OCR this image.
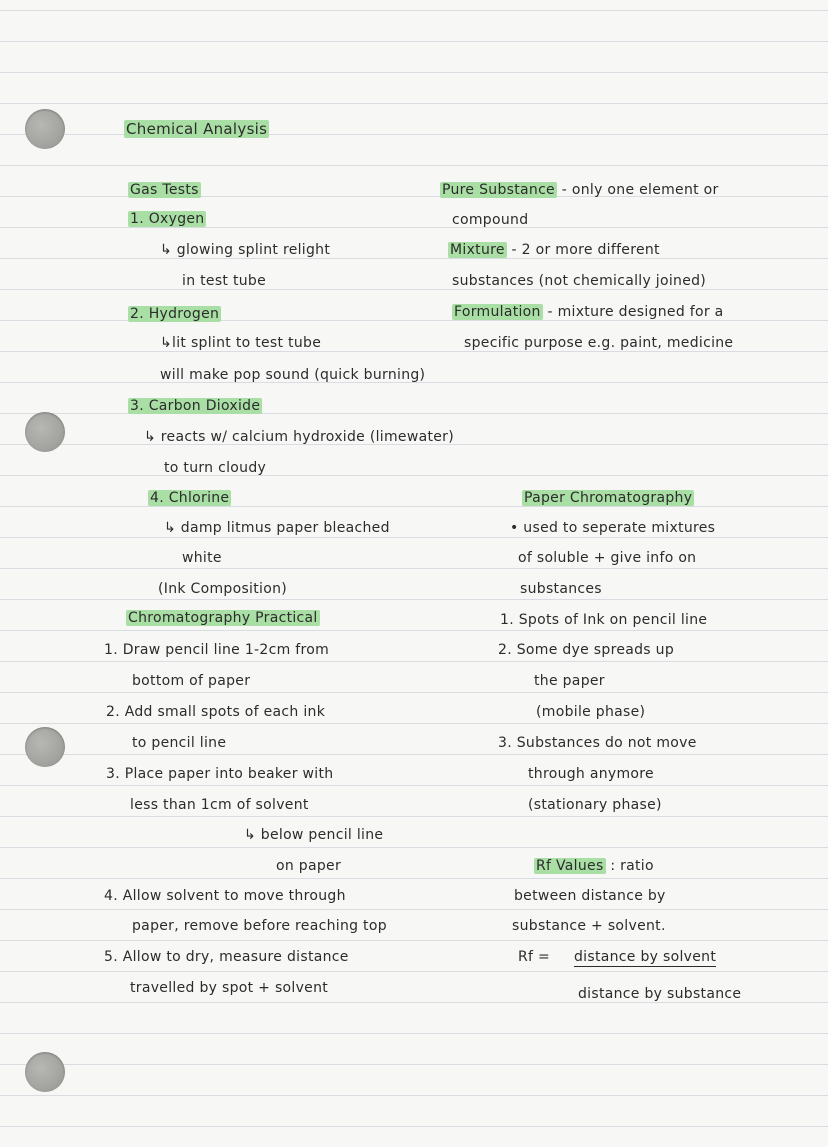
Chemical Analysis
Gas Tests
1. Oxygen
↳ glowing splint relight
in test tube
2. Hydrogen
↳lit splint to test tube
will make pop sound (quick burning)
3. Carbon Dioxide
↳ reacts w/ calcium hydroxide (limewater)
to turn cloudy
4. Chlorine
↳ damp litmus paper bleached
white
Pure Substance - only one element or
compound
Mixture - 2 or more different
substances (not chemically joined)
Formulation - mixture designed for a
specific purpose e.g. paint, medicine
(Ink Composition)
Chromatography Practical
1. Draw pencil line 1-2cm from
bottom of paper
2. Add small spots of each ink
to pencil line
3. Place paper into beaker with
less than 1cm of solvent
↳ below pencil line
on paper
4. Allow solvent to move through
paper, remove before reaching top
5. Allow to dry, measure distance
travelled by spot + solvent
Paper Chromatography
• used to seperate mixtures
of soluble + give info on
substances
1. Spots of Ink on pencil line
2. Some dye spreads up
the paper
(mobile phase)
3. Substances do not move
through anymore
(stationary phase)
Rf Values : ratio
between distance by
substance + solvent.
Rf = distance by solvent
distance by substance
